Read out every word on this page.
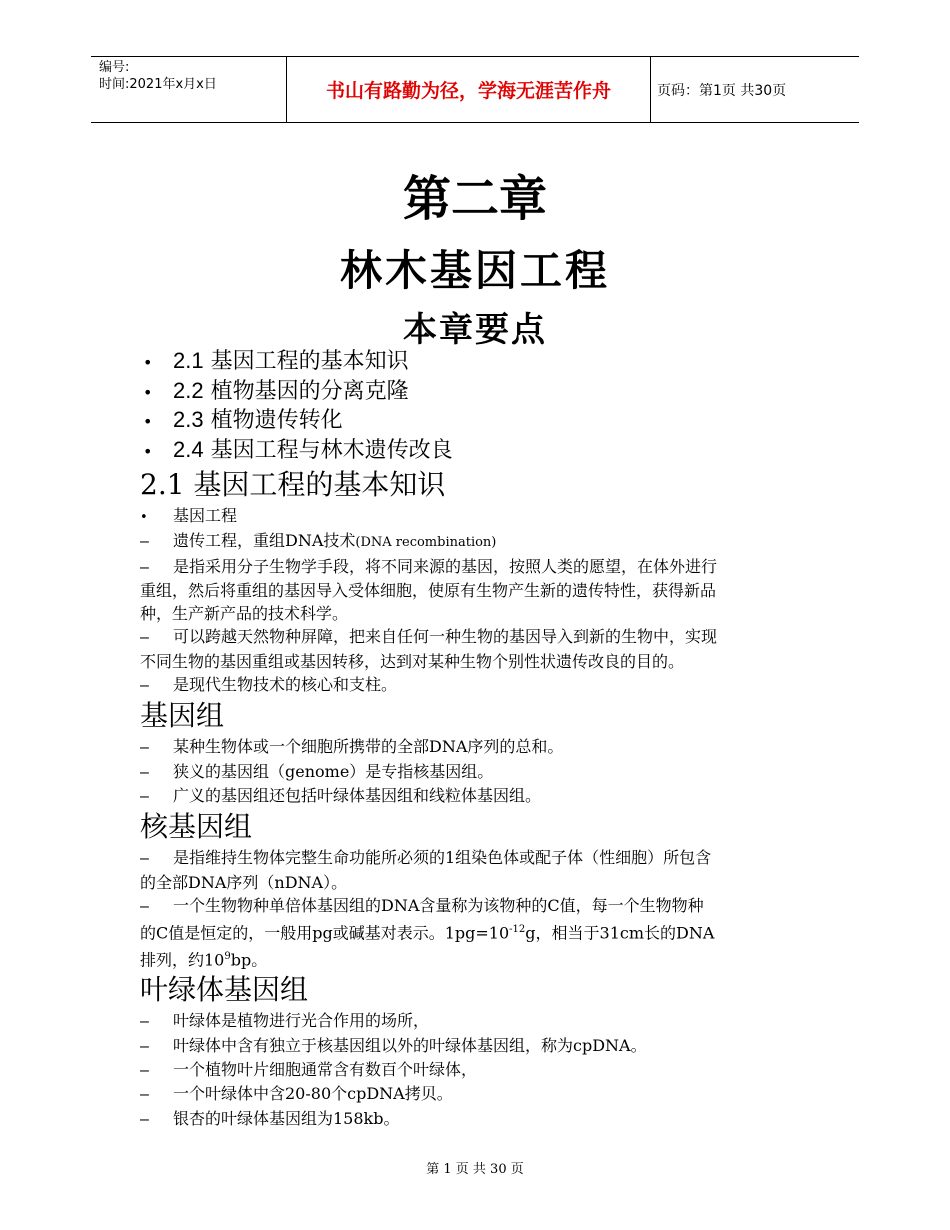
编号:
时间:2021年x月x日	书山有路勤为径，学海无涯苦作舟	页码：第1页 共30页
第二章
林木基因工程
本章要点
• 2.1 基因工程的基本知识
• 2.2 植物基因的分离克隆
• 2.3 植物遗传转化
• 2.4 基因工程与林木遗传改良
2.1 基因工程的基本知识
• 基因工程
– 遗传工程，重组DNA技术(DNA recombination)
– 是指采用分子生物学手段，将不同来源的基因，按照人类的愿望，在体外进行
重组，然后将重组的基因导入受体细胞，使原有生物产生新的遗传特性，获得新品
种，生产新产品的技术科学。
– 可以跨越天然物种屏障，把来自任何一种生物的基因导入到新的生物中，实现
不同生物的基因重组或基因转移，达到对某种生物个别性状遗传改良的目的。
– 是现代生物技术的核心和支柱。
基因组
– 某种生物体或一个细胞所携带的全部DNA序列的总和。
– 狭义的基因组（genome）是专指核基因组。
– 广义的基因组还包括叶绿体基因组和线粒体基因组。
核基因组
– 是指维持生物体完整生命功能所必须的1组染色体或配子体（性细胞）所包含
的全部DNA序列（nDNA）。
– 一个生物物种单倍体基因组的DNA含量称为该物种的C值，每一个生物物种
的C值是恒定的，一般用pg或碱基对表示。$1pg=10^{-12}g$，相当于31cm长的DNA
排列，约$10^9bp$。
叶绿体基因组
– 叶绿体是植物进行光合作用的场所，
– 叶绿体中含有独立于核基因组以外的叶绿体基因组，称为cpDNA。
– 一个植物叶片细胞通常含有数百个叶绿体，
– 一个叶绿体中含20-80个cpDNA拷贝。
– 银杏的叶绿体基因组为158kb。
第 1 页 共 30 页
